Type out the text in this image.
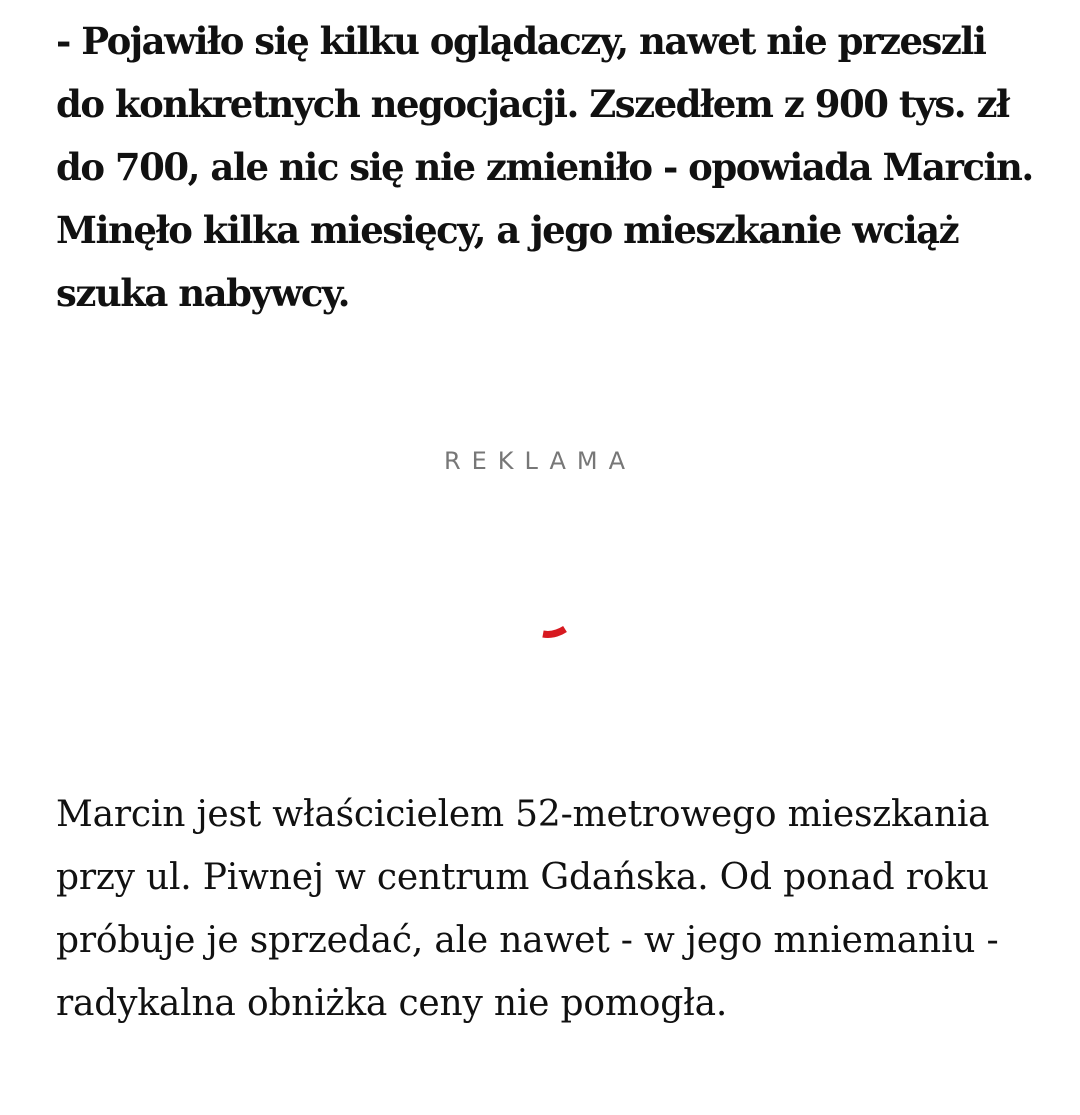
- Pojawiło się kilku oglądaczy, nawet nie przeszli do konkretnych negocjacji. Zszedłem z 900 tys. zł do 700, ale nic się nie zmieniło - opowiada Marcin. Minęło kilka miesięcy, a jego mieszkanie wciąż szuka nabywcy.

REKLAMA

Marcin jest właścicielem 52-metrowego mieszkania przy ul. Piwnej w centrum Gdańska. Od ponad roku próbuje je sprzedać, ale nawet - w jego mniemaniu - radykalna obniżka ceny nie pomogła.
